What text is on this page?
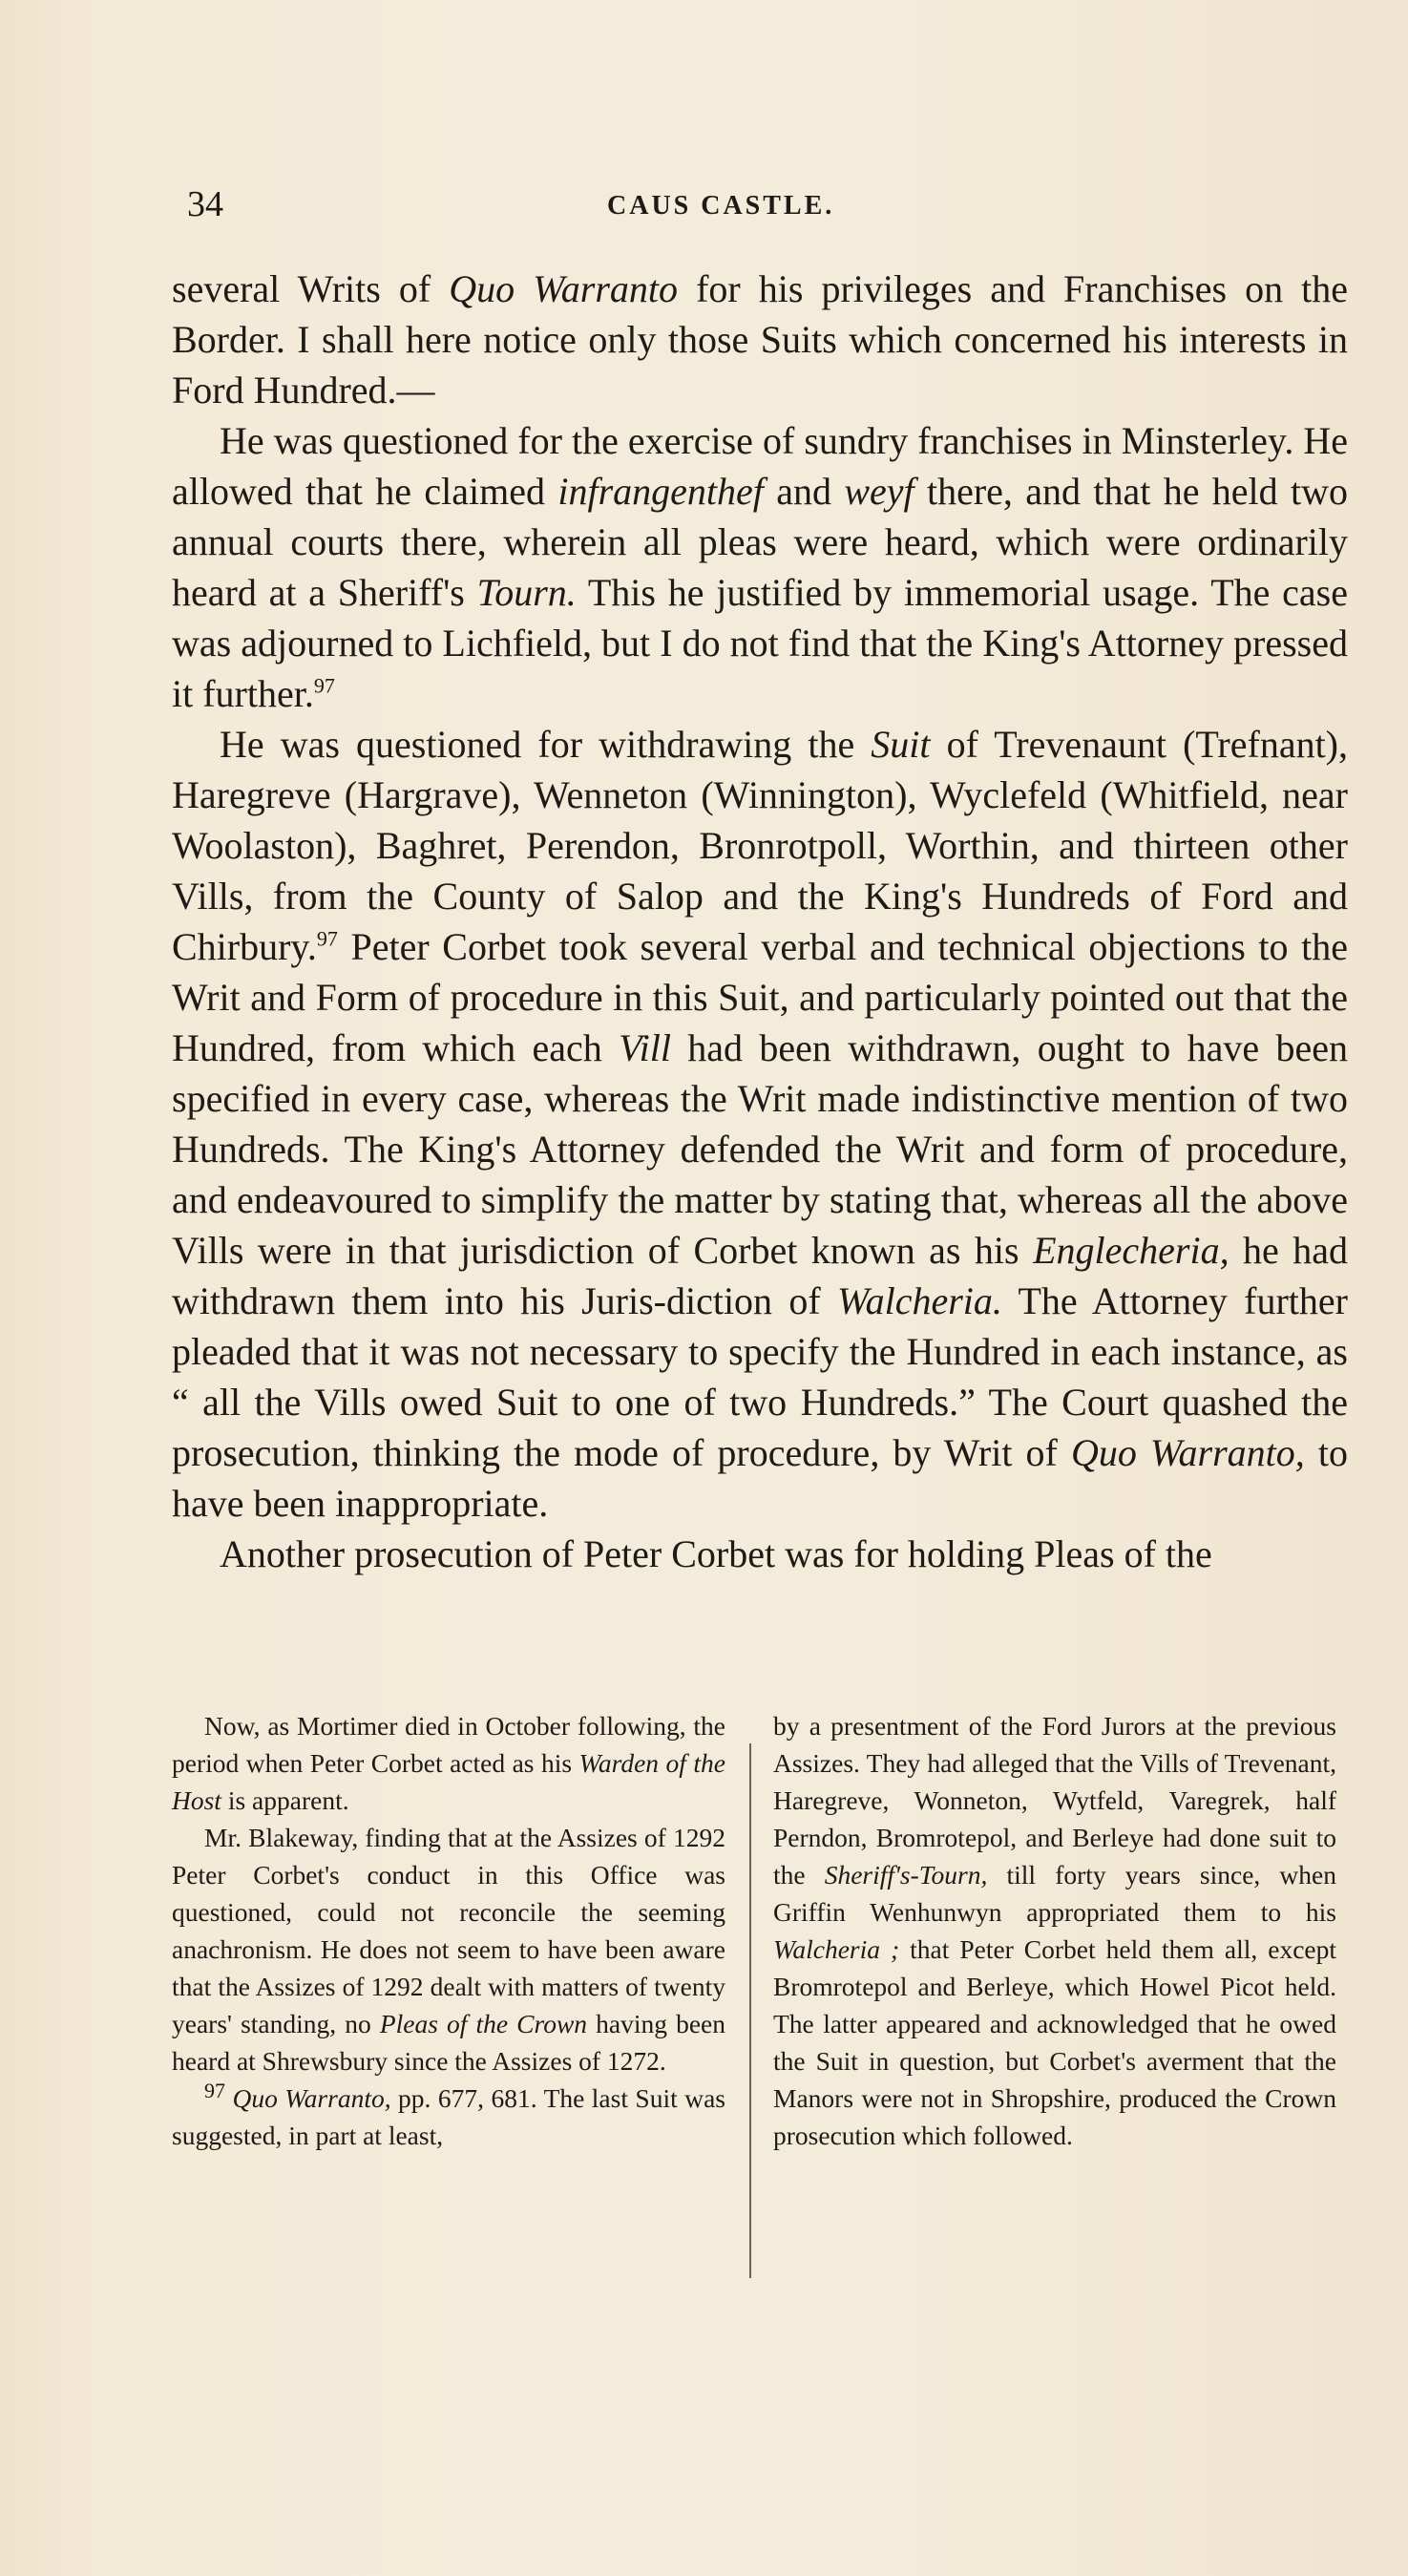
34	CAUS CASTLE.

several Writs of Quo Warranto for his privileges and Franchises on the Border. I shall here notice only those Suits which concerned his interests in Ford Hundred.—

He was questioned for the exercise of sundry franchises in Minsterley. He allowed that he claimed infrangenthef and weyf there, and that he held two annual courts there, wherein all pleas were heard, which were ordinarily heard at a Sheriff's Tourn. This he justified by immemorial usage. The case was adjourned to Lichfield, but I do not find that the King's Attorney pressed it further.$^{97}$

He was questioned for withdrawing the Suit of Trevenaunt (Trefnant), Haregreve (Hargrave), Wenneton (Winnington), Wyclefeld (Whitfield, near Woolaston), Baghret, Perendon, Bronrotpoll, Worthin, and thirteen other Vills, from the County of Salop and the King's Hundreds of Ford and Chirbury.$^{97}$ Peter Corbet took several verbal and technical objections to the Writ and Form of procedure in this Suit, and particularly pointed out that the Hundred, from which each Vill had been withdrawn, ought to have been specified in every case, whereas the Writ made indistinctive mention of two Hundreds. The King's Attorney defended the Writ and form of procedure, and endeavoured to simplify the matter by stating that, whereas all the above Vills were in that jurisdiction of Corbet known as his Englecheria, he had withdrawn them into his Juris-diction of Walcheria. The Attorney further pleaded that it was not necessary to specify the Hundred in each instance, as “ all the Vills owed Suit to one of two Hundreds.” The Court quashed the prosecution, thinking the mode of procedure, by Writ of Quo Warranto, to have been inappropriate.

Another prosecution of Peter Corbet was for holding Pleas of the

Now, as Mortimer died in October following, the period when Peter Corbet acted as his Warden of the Host is apparent.

Mr. Blakeway, finding that at the Assizes of 1292 Peter Corbet's conduct in this Office was questioned, could not reconcile the seeming anachronism. He does not seem to have been aware that the Assizes of 1292 dealt with matters of twenty years' standing, no Pleas of the Crown having been heard at Shrewsbury since the Assizes of 1272.

$^{97}$ Quo Warranto, pp. 677, 681. The last Suit was suggested, in part at least,

by a presentment of the Ford Jurors at the previous Assizes. They had alleged that the Vills of Trevenant, Haregreve, Wonneton, Wytfeld, Varegrek, half Perndon, Bromrotepol, and Berleye had done suit to the Sheriff's-Tourn, till forty years since, when Griffin Wenhunwyn appropriated them to his Walcheria ; that Peter Corbet held them all, except Bromrotepol and Berleye, which Howel Picot held. The latter appeared and acknowledged that he owed the Suit in question, but Corbet's averment that the Manors were not in Shropshire, produced the Crown prosecution which followed.
